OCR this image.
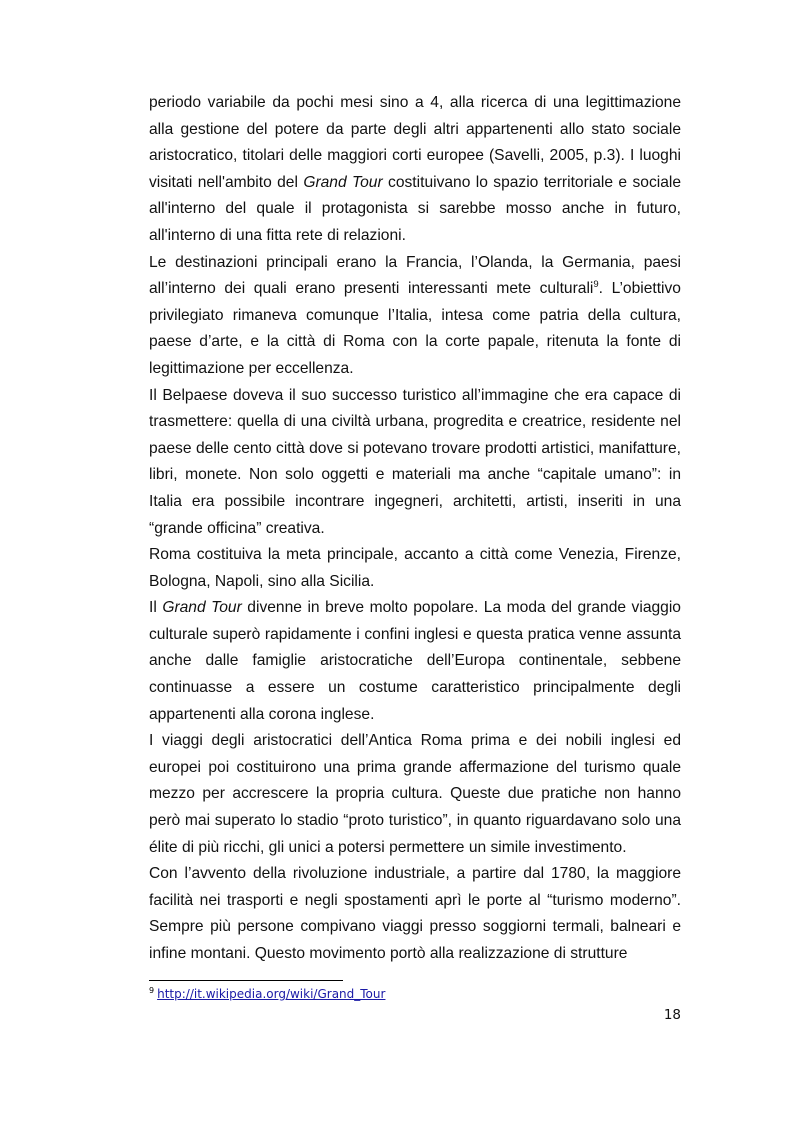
periodo variabile da pochi mesi sino a 4, alla ricerca di una legittimazione alla gestione del potere da parte degli altri appartenenti allo stato sociale aristocratico, titolari delle maggiori corti europee (Savelli, 2005, p.3). I luoghi visitati nell'ambito del Grand Tour costituivano lo spazio territoriale e sociale all'interno del quale il protagonista si sarebbe mosso anche in futuro, all'interno di una fitta rete di relazioni.

Le destinazioni principali erano la Francia, l’Olanda, la Germania, paesi all’interno dei quali erano presenti interessanti mete culturali$^9$. L’obiettivo privilegiato rimaneva comunque l’Italia, intesa come patria della cultura, paese d’arte, e la città di Roma con la corte papale, ritenuta la fonte di legittimazione per eccellenza.

Il Belpaese doveva il suo successo turistico all’immagine che era capace di trasmettere: quella di una civiltà urbana, progredita e creatrice, residente nel paese delle cento città dove si potevano trovare prodotti artistici, manifatture, libri, monete. Non solo oggetti e materiali ma anche “capitale umano”: in Italia era possibile incontrare ingegneri, architetti, artisti, inseriti in una “grande officina” creativa.

Roma costituiva la meta principale, accanto a città come Venezia, Firenze, Bologna, Napoli, sino alla Sicilia.

Il Grand Tour divenne in breve molto popolare. La moda del grande viaggio culturale superò rapidamente i confini inglesi e questa pratica venne assunta anche dalle famiglie aristocratiche dell’Europa continentale, sebbene continuasse a essere un costume caratteristico principalmente degli appartenenti alla corona inglese.

I viaggi degli aristocratici dell’Antica Roma prima e dei nobili inglesi ed europei poi costituirono una prima grande affermazione del turismo quale mezzo per accrescere la propria cultura. Queste due pratiche non hanno però mai superato lo stadio “proto turistico”, in quanto riguardavano solo una élite di più ricchi, gli unici a potersi permettere un simile investimento.

Con l’avvento della rivoluzione industriale, a partire dal 1780, la maggiore facilità nei trasporti e negli spostamenti aprì le porte al “turismo moderno”. Sempre più persone compivano viaggi presso soggiorni termali, balneari e infine montani. Questo movimento portò alla realizzazione di strutture

$^9$ http://it.wikipedia.org/wiki/Grand_Tour
18
